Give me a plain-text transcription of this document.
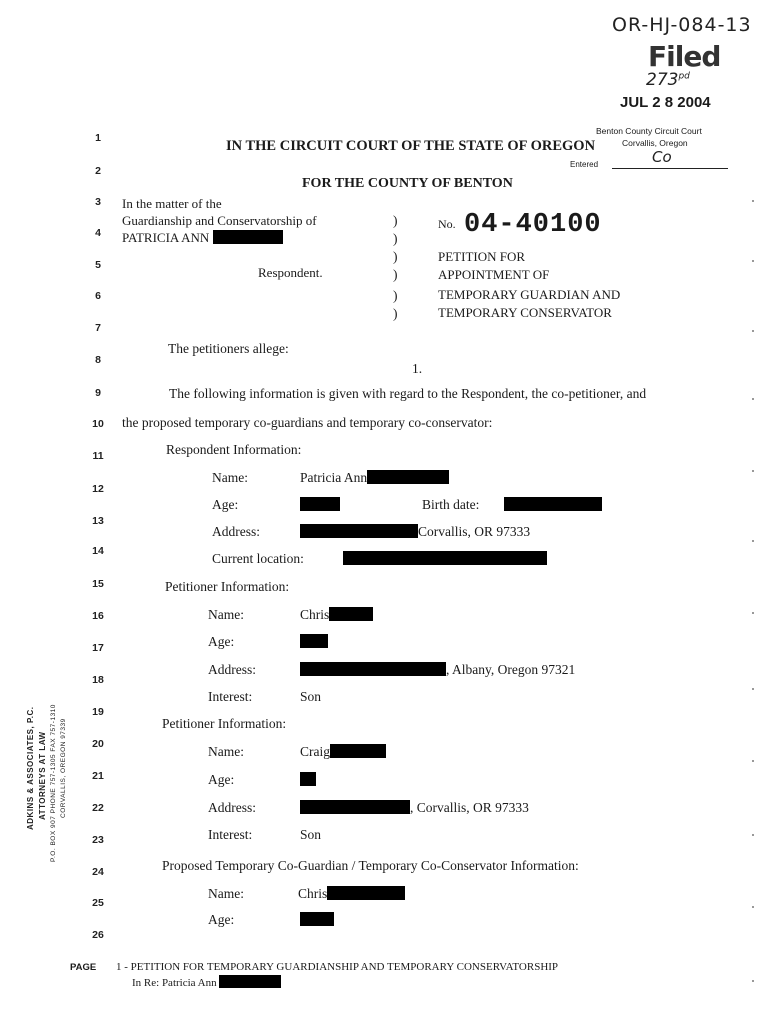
OR-HJ-084-13
Filed
$273^{pd}$
JUL 2 8 2004
Benton County Circuit Court
Corvallis, Oregon
Entered	Co
1
2
3
4
5
6
7
8
9
10
11
12
13
14
15
16
17
18
19
20
21
22
23
24
25
26
IN THE CIRCUIT COURT OF THE STATE OF OREGON
FOR THE COUNTY OF BENTON
In the matter of the
Guardianship and Conservatorship of
PATRICIA ANN
Respondent.
)
)
)
)
)
)
No. 04-40100
PETITION FOR
APPOINTMENT OF
TEMPORARY GUARDIAN AND
TEMPORARY CONSERVATOR
The petitioners allege:
1.
The following information is given with regard to the Respondent, the co-petitioner, and
the proposed temporary co-guardians and temporary co-conservator:
Respondent Information:
Name:	Patricia Ann
Age:	Birth date:
Address:	Corvallis, OR 97333
Current location:
Petitioner Information:
Name:	Chris
Age:
Address:	, Albany, Oregon 97321
Interest:	Son
Petitioner Information:
Name:	Craig
Age:
Address:	, Corvallis, OR 97333
Interest:	Son
Proposed Temporary Co-Guardian / Temporary Co-Conservator Information:
Name:	Chris
Age:
PAGE 1 - PETITION FOR TEMPORARY GUARDIANSHIP AND TEMPORARY CONSERVATORSHIP
In Re: Patricia Ann
ADKINS & ASSOCIATES, P.C. ATTORNEYS AT LAW P.O. BOX 907 PHONE 757-1305 FAX 757-1310 CORVALLIS, OREGON 97339
